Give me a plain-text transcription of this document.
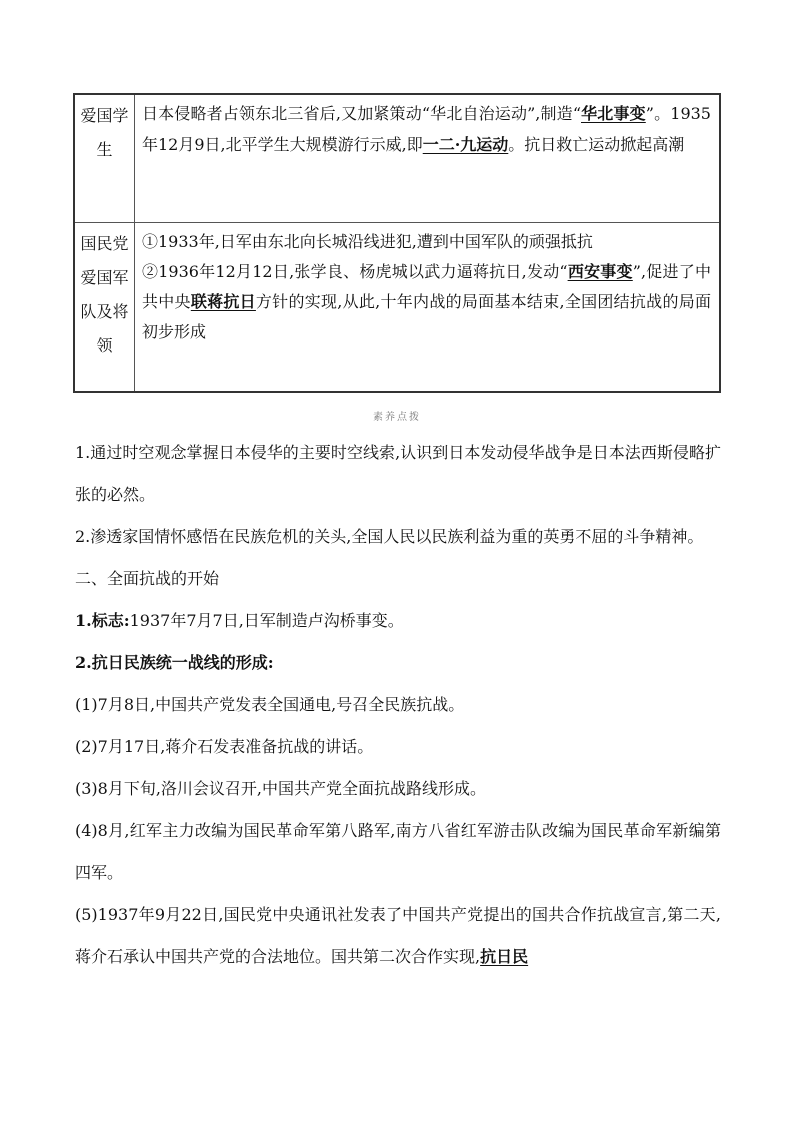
爱国学生	日本侵略者占领东北三省后,又加紧策动“华北自治运动”,制造“华北事变”。1935年12月9日,北平学生大规模游行示威,即一二·九运动。抗日救亡运动掀起高潮
国民党爱国军队及将领	①1933年,日军由东北向长城沿线进犯,遭到中国军队的顽强抵抗
②1936年12月12日,张学良、杨虎城以武力逼蒋抗日,发动“西安事变”,促进了中共中央联蒋抗日方针的实现,从此,十年内战的局面基本结束,全国团结抗战的局面初步形成
素养点拨

1.通过时空观念掌握日本侵华的主要时空线索,认识到日本发动侵华战争是日本法西斯侵略扩张的必然。

2.渗透家国情怀感悟在民族危机的关头,全国人民以民族利益为重的英勇不屈的斗争精神。

二、全面抗战的开始

1.标志:1937年7月7日,日军制造卢沟桥事变。

2.抗日民族统一战线的形成:

(1)7月8日,中国共产党发表全国通电,号召全民族抗战。

(2)7月17日,蒋介石发表准备抗战的讲话。

(3)8月下旬,洛川会议召开,中国共产党全面抗战路线形成。

(4)8月,红军主力改编为国民革命军第八路军,南方八省红军游击队改编为国民革命军新编第四军。

(5)1937年9月22日,国民党中央通讯社发表了中国共产党提出的国共合作抗战宣言,第二天,蒋介石承认中国共产党的合法地位。国共第二次合作实现,抗日民
